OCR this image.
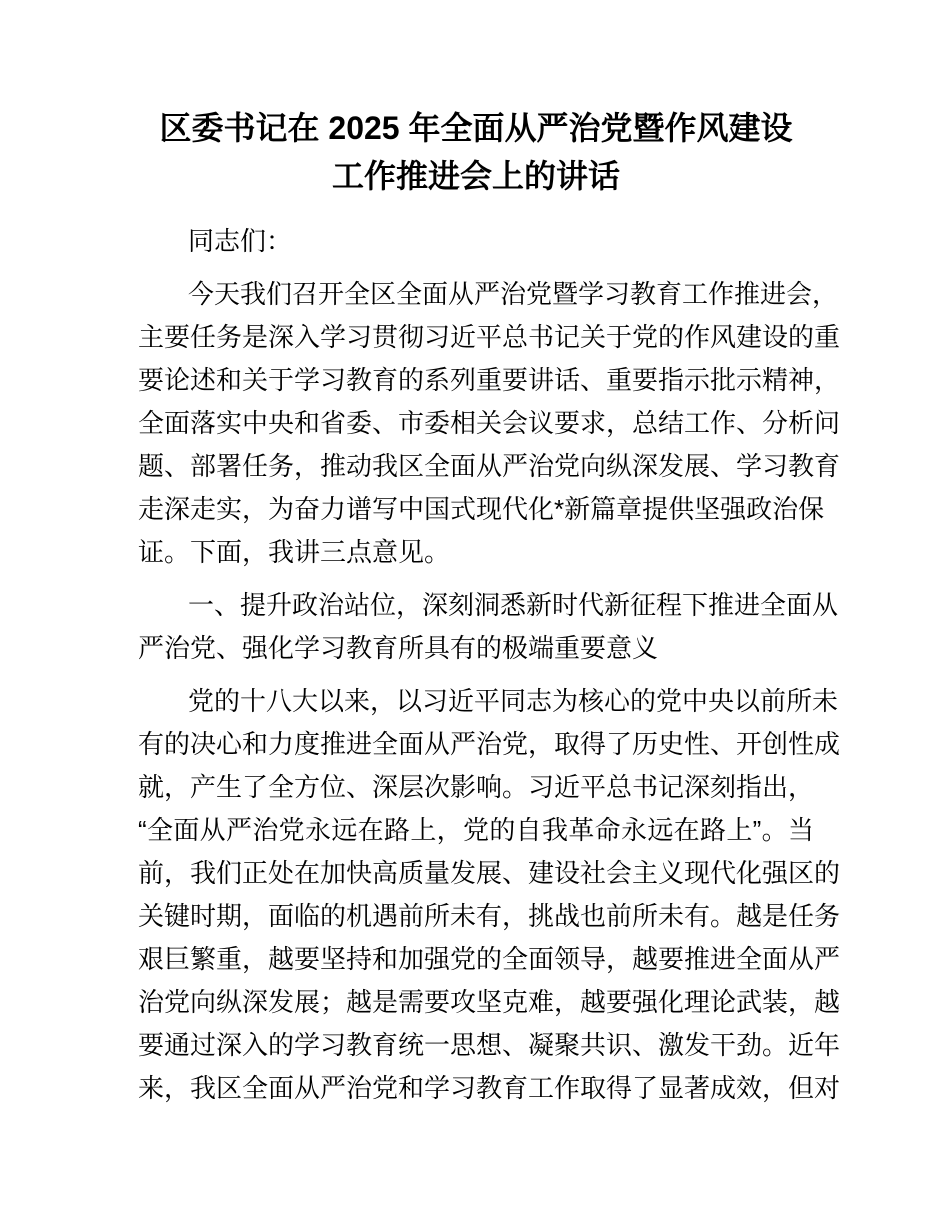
区委书记在 2025 年全面从严治党暨作风建设
工作推进会上的讲话
同志们：
今天我们召开全区全面从严治党暨学习教育工作推进会，
主要任务是深入学习贯彻习近平总书记关于党的作风建设的重
要论述和关于学习教育的系列重要讲话、重要指示批示精神，
全面落实中央和省委、市委相关会议要求，总结工作、分析问
题、部署任务，推动我区全面从严治党向纵深发展、学习教育
走深走实，为奋力谱写中国式现代化*新篇章提供坚强政治保
证。下面，我讲三点意见。
一、提升政治站位，深刻洞悉新时代新征程下推进全面从
严治党、强化学习教育所具有的极端重要意义
党的十八大以来，以习近平同志为核心的党中央以前所未
有的决心和力度推进全面从严治党，取得了历史性、开创性成
就，产生了全方位、深层次影响。习近平总书记深刻指出，
“全面从严治党永远在路上，党的自我革命永远在路上”。当
前，我们正处在加快高质量发展、建设社会主义现代化强区的
关键时期，面临的机遇前所未有，挑战也前所未有。越是任务
艰巨繁重，越要坚持和加强党的全面领导，越要推进全面从严
治党向纵深发展；越是需要攻坚克难，越要强化理论武装，越
要通过深入的学习教育统一思想、凝聚共识、激发干劲。近年
来，我区全面从严治党和学习教育工作取得了显著成效，但对
